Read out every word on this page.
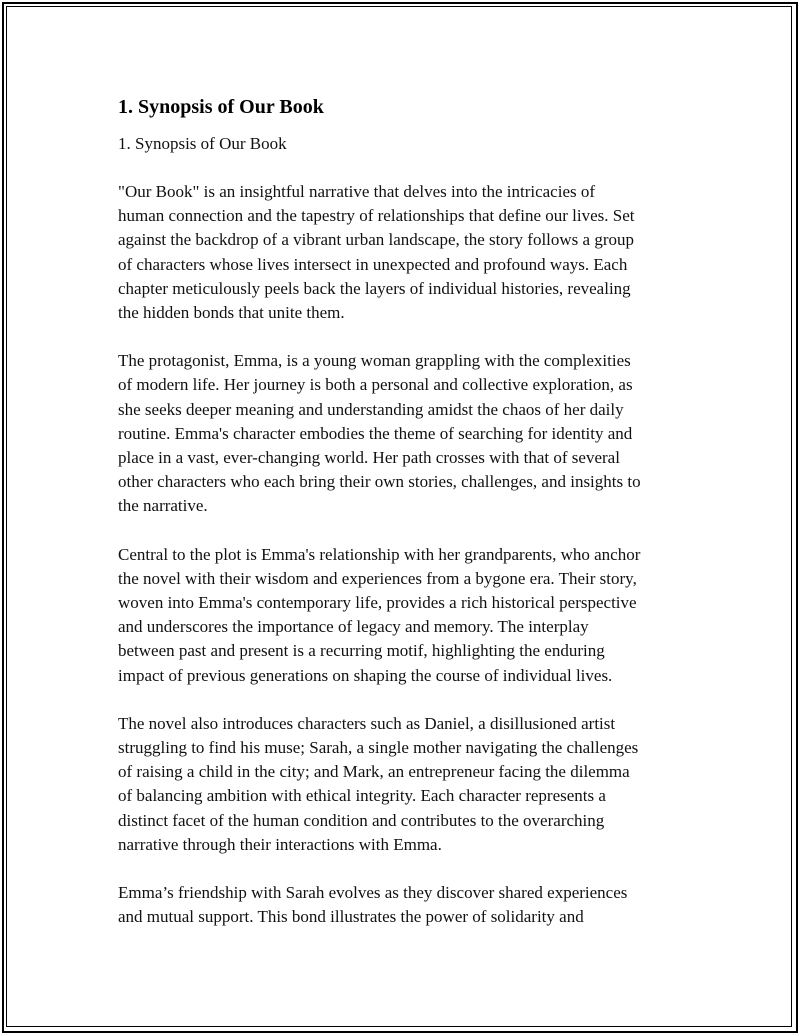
1. Synopsis of Our Book
1. Synopsis of Our Book
"Our Book" is an insightful narrative that delves into the intricacies of
human connection and the tapestry of relationships that define our lives. Set
against the backdrop of a vibrant urban landscape, the story follows a group
of characters whose lives intersect in unexpected and profound ways. Each
chapter meticulously peels back the layers of individual histories, revealing
the hidden bonds that unite them.
The protagonist, Emma, is a young woman grappling with the complexities
of modern life. Her journey is both a personal and collective exploration, as
she seeks deeper meaning and understanding amidst the chaos of her daily
routine. Emma's character embodies the theme of searching for identity and
place in a vast, ever-changing world. Her path crosses with that of several
other characters who each bring their own stories, challenges, and insights to
the narrative.
Central to the plot is Emma's relationship with her grandparents, who anchor
the novel with their wisdom and experiences from a bygone era. Their story,
woven into Emma's contemporary life, provides a rich historical perspective
and underscores the importance of legacy and memory. The interplay
between past and present is a recurring motif, highlighting the enduring
impact of previous generations on shaping the course of individual lives.
The novel also introduces characters such as Daniel, a disillusioned artist
struggling to find his muse; Sarah, a single mother navigating the challenges
of raising a child in the city; and Mark, an entrepreneur facing the dilemma
of balancing ambition with ethical integrity. Each character represents a
distinct facet of the human condition and contributes to the overarching
narrative through their interactions with Emma.
Emma’s friendship with Sarah evolves as they discover shared experiences
and mutual support. This bond illustrates the power of solidarity and
